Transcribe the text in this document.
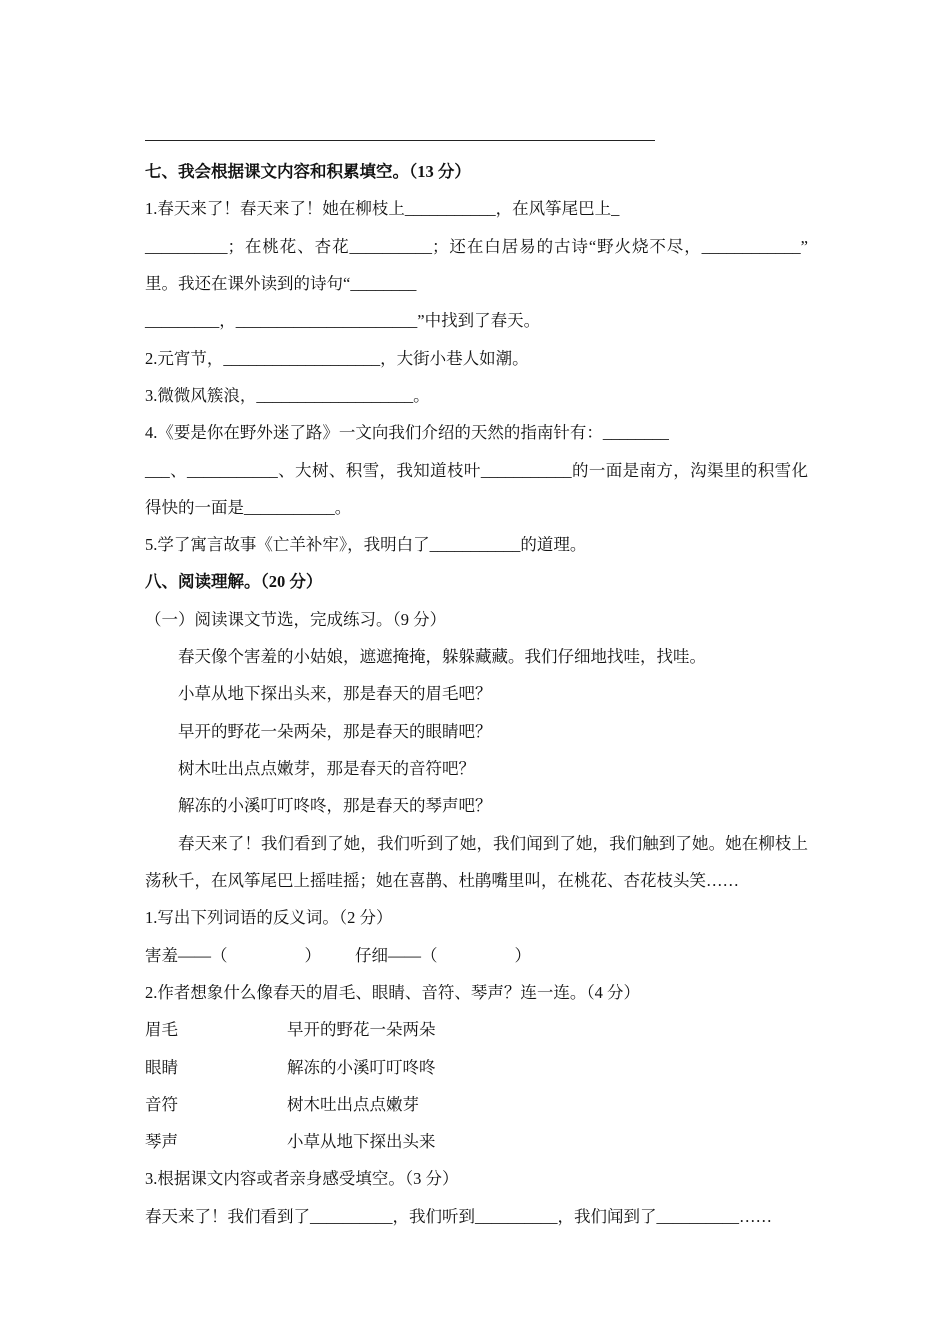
七、我会根据课文内容和积累填空。（13 分）
1.春天来了！春天来了！她在柳枝上___________，在风筝尾巴上_
__________；在桃花、杏花__________；还在白居易的古诗“野火烧不尽，____________”
里。我还在课外读到的诗句“________
_________，______________________”中找到了春天。
2.元宵节，___________________，大街小巷人如潮。
3.微微风簇浪，___________________。
4.《要是你在野外迷了路》一文向我们介绍的天然的指南针有：________
___、___________、大树、积雪，我知道枝叶___________的一面是南方，沟渠里的积雪化
得快的一面是___________。
5.学了寓言故事《亡羊补牢》，我明白了___________的道理。
八、阅读理解。（20 分）
（一）阅读课文节选，完成练习。（9 分）
春天像个害羞的小姑娘，遮遮掩掩，躲躲藏藏。我们仔细地找哇，找哇。
小草从地下探出头来，那是春天的眉毛吧？
早开的野花一朵两朵，那是春天的眼睛吧？
树木吐出点点嫩芽，那是春天的音符吧？
解冻的小溪叮叮咚咚，那是春天的琴声吧？
春天来了！我们看到了她，我们听到了她，我们闻到了她，我们触到了她。她在柳枝上
荡秋千，在风筝尾巴上摇哇摇；她在喜鹊、杜鹃嘴里叫，在桃花、杏花枝头笑……
1.写出下列词语的反义词。（2 分）
害羞——（	） 仔细——（	）
2.作者想象什么像春天的眉毛、眼睛、音符、琴声？连一连。（4 分）
眉毛	早开的野花一朵两朵
眼睛	解冻的小溪叮叮咚咚
音符	树木吐出点点嫩芽
琴声	小草从地下探出头来
3.根据课文内容或者亲身感受填空。（3 分）
春天来了！我们看到了__________，我们听到__________，我们闻到了__________……
